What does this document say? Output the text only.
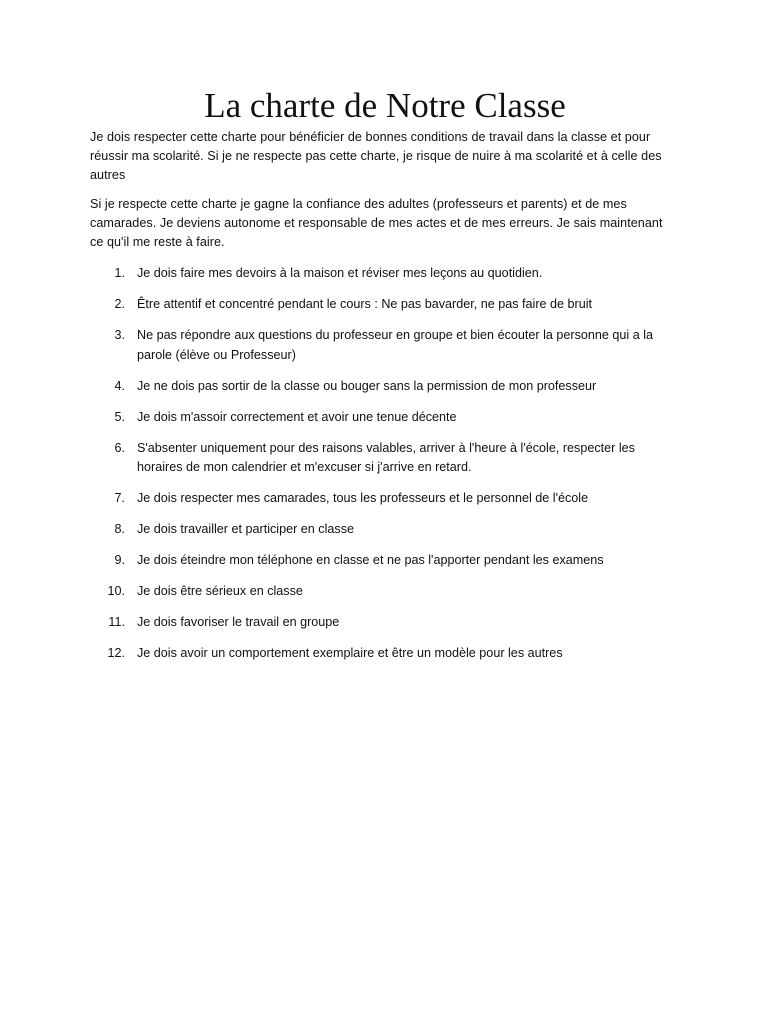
La charte de Notre Classe

Je dois respecter cette charte pour bénéficier de bonnes conditions de travail dans la classe et pour réussir ma scolarité. Si je ne respecte pas cette charte, je risque de nuire à ma scolarité et à celle des autres

Si je respecte cette charte je gagne la confiance des adultes (professeurs et parents) et de mes camarades. Je deviens autonome et responsable de mes actes et de mes erreurs. Je sais maintenant ce qu'il me reste à faire.

1. Je dois faire mes devoirs à la maison et réviser mes leçons au quotidien.
2. Être attentif et concentré pendant le cours : Ne pas bavarder, ne pas faire de bruit
3. Ne pas répondre aux questions du professeur en groupe et bien écouter la personne qui a la parole (élève ou Professeur)
4. Je ne dois pas sortir de la classe ou bouger sans la permission de mon professeur
5. Je dois m'assoir correctement et avoir une tenue décente
6. S'absenter uniquement pour des raisons valables, arriver à l'heure à l'école, respecter les horaires de mon calendrier et m'excuser si j'arrive en retard.
7. Je dois respecter mes camarades, tous les professeurs et le personnel de l'école
8. Je dois travailler et participer en classe
9. Je dois éteindre mon téléphone en classe et ne pas l'apporter pendant les examens
10. Je dois être sérieux en classe
11. Je dois favoriser le travail en groupe
12. Je dois avoir un comportement exemplaire et être un modèle pour les autres
